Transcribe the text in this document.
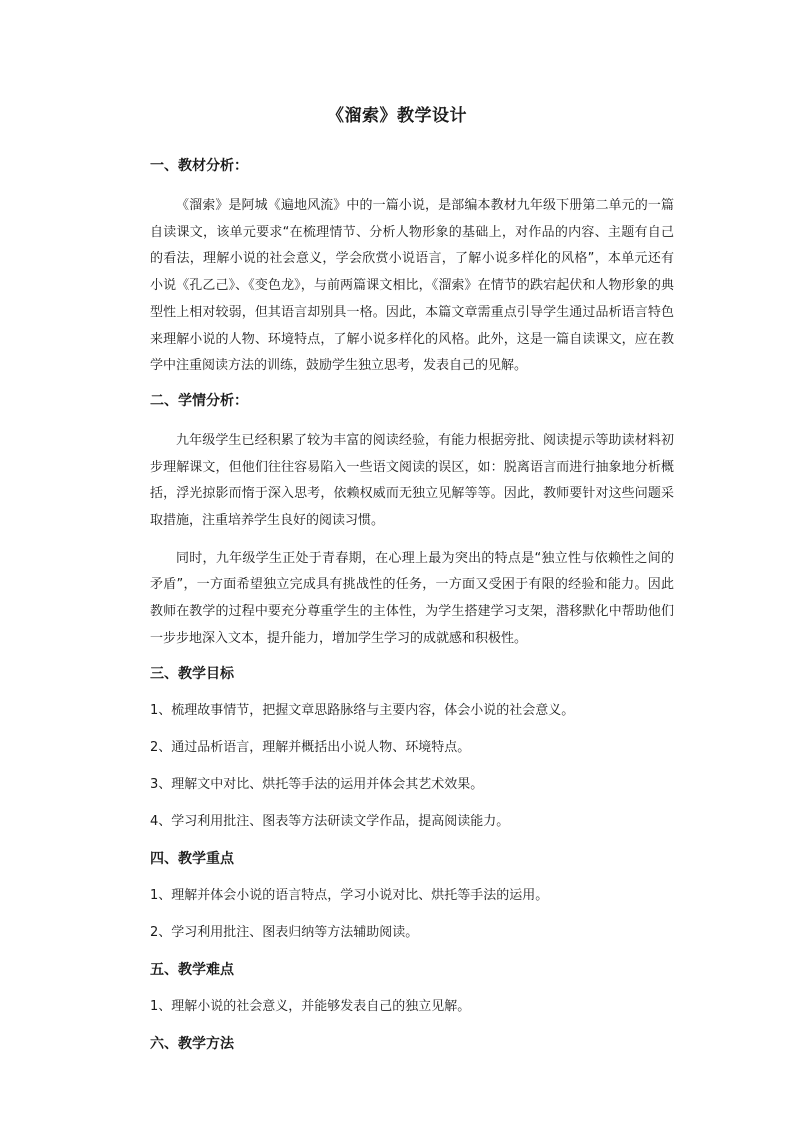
《溜索》教学设计
一、教材分析：
《溜索》是阿城《遍地风流》中的一篇小说，是部编本教材九年级下册第二单元的一篇自读课文，该单元要求“在梳理情节、分析人物形象的基础上，对作品的内容、主题有自己的看法，理解小说的社会意义，学会欣赏小说语言，了解小说多样化的风格”，本单元还有小说《孔乙己》、《变色龙》，与前两篇课文相比，《溜索》在情节的跌宕起伏和人物形象的典型性上相对较弱，但其语言却别具一格。因此，本篇文章需重点引导学生通过品析语言特色来理解小说的人物、环境特点，了解小说多样化的风格。此外，这是一篇自读课文，应在教学中注重阅读方法的训练，鼓励学生独立思考，发表自己的见解。
二、学情分析：
九年级学生已经积累了较为丰富的阅读经验，有能力根据旁批、阅读提示等助读材料初步理解课文，但他们往往容易陷入一些语文阅读的误区，如：脱离语言而进行抽象地分析概括，浮光掠影而惰于深入思考，依赖权威而无独立见解等等。因此，教师要针对这些问题采取措施，注重培养学生良好的阅读习惯。
同时，九年级学生正处于青春期，在心理上最为突出的特点是“独立性与依赖性之间的矛盾”，一方面希望独立完成具有挑战性的任务，一方面又受困于有限的经验和能力。因此教师在教学的过程中要充分尊重学生的主体性，为学生搭建学习支架，潜移默化中帮助他们一步步地深入文本，提升能力，增加学生学习的成就感和积极性。
三、教学目标
1、梳理故事情节，把握文章思路脉络与主要内容，体会小说的社会意义。
2、通过品析语言，理解并概括出小说人物、环境特点。
3、理解文中对比、烘托等手法的运用并体会其艺术效果。
4、学习利用批注、图表等方法研读文学作品，提高阅读能力。
四、教学重点
1、理解并体会小说的语言特点，学习小说对比、烘托等手法的运用。
2、学习利用批注、图表归纳等方法辅助阅读。
五、教学难点
1、理解小说的社会意义，并能够发表自己的独立见解。
六、教学方法
